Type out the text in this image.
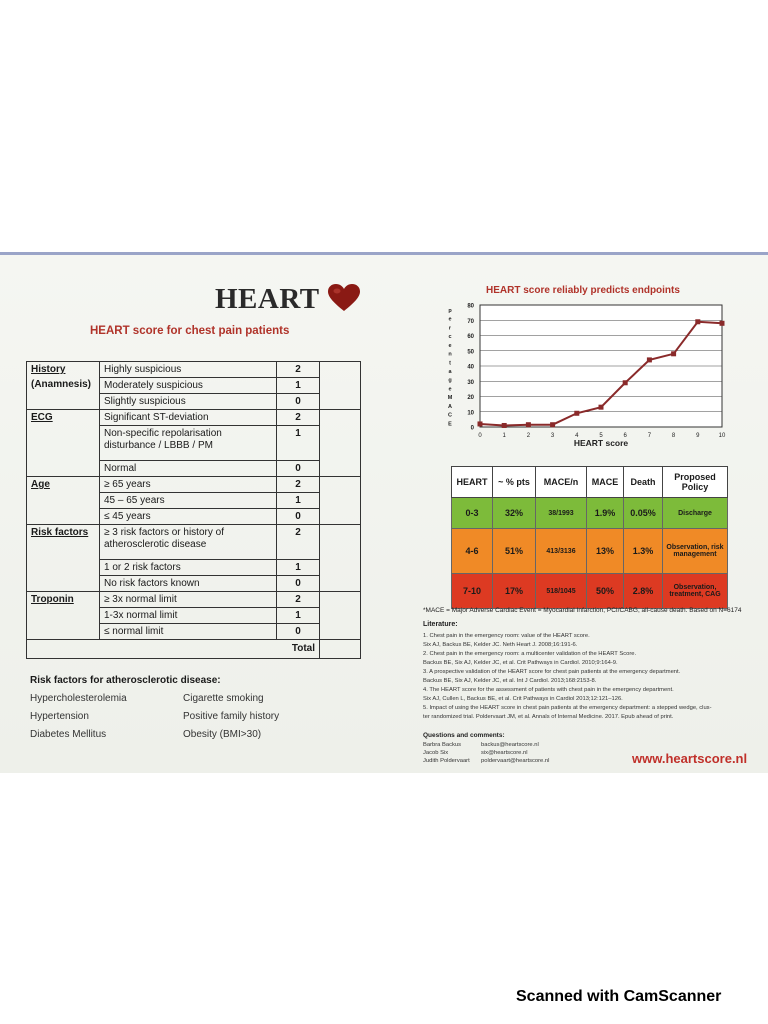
HEART
HEART score for chest pain patients
History
(Anamnesis)	Highly suspicious	2	
	Moderately suspicious	1	
	Slightly suspicious	0	
ECG	Significant ST-deviation	2	
	Non-specific repolarisation disturbance / LBBB / PM	1	
	Normal	0	
Age	≥ 65 years	2	
	45 – 65 years	1	
	≤ 45 years	0	
Risk factors	≥ 3 risk factors or history of atherosclerotic disease	2	
	1 or 2 risk factors	1	
	No risk factors known	0	
Troponin	≥ 3x normal limit	2	
	1-3x normal limit	1	
	≤ normal limit	0	
Total			
Risk factors for atherosclerotic disease:
Hypercholesterolemia	Cigarette smoking
Hypertension	Positive family history
Diabetes Mellitus	Obesity (BMI>30)
HEART score reliably predicts endpoints
0
10
20
30
40
50
60
70
80
0	1	2	3	4	5	6	7	8	9	10
HEART score
p
e
r
c
e
n
t
a
g
e
M
A
C
E
HEART	~ % pts	MACE/n	MACE	Death	Proposed Policy
0-3	32%	38/1993	1.9%	0.05%	Discharge
4-6	51%	413/3136	13%	1.3%	Observation, risk management
7-10	17%	518/1045	50%	2.8%	Observation, treatment, CAG
*MACE = Major Adverse Cardiac Event = Myocardial Infarction, PCI/CABG, all-cause death. Based on N=6174
Literature:
1. Chest pain in the emergency room: value of the HEART score.
Six AJ, Backus BE, Kelder JC. Neth Heart J. 2008;16:191-6.
2. Chest pain in the emergency room: a multicenter validation of the HEART Score.
Backus BE, Six AJ, Kelder JC, et al. Crit Pathways in Cardiol. 2010;9:164-9.
3. A prospective validation of the HEART score for chest pain patients at the emergency department.
Backus BE, Six AJ, Kelder JC, et al. Int J Cardiol. 2013;168:2153-8.
4. The HEART score for the assessment of patients with chest pain in the emergency department.
Six AJ, Cullen L, Backus BE, et al. Crit Pathways in Cardiol 2013;12:121–126.
5. Impact of using the HEART score in chest pain patients at the emergency department: a stepped wedge, clus-
ter randomized trial. Poldervaart JM, et al. Annals of Internal Medicine. 2017. Epub ahead of print.
Questions and comments:
Barbra Backus	backus@heartscore.nl
Jacob Six	six@heartscore.nl
Judith Poldervaart poldervaart@heartscore.nl	www.heartscore.nl
Scanned with CamScanner
